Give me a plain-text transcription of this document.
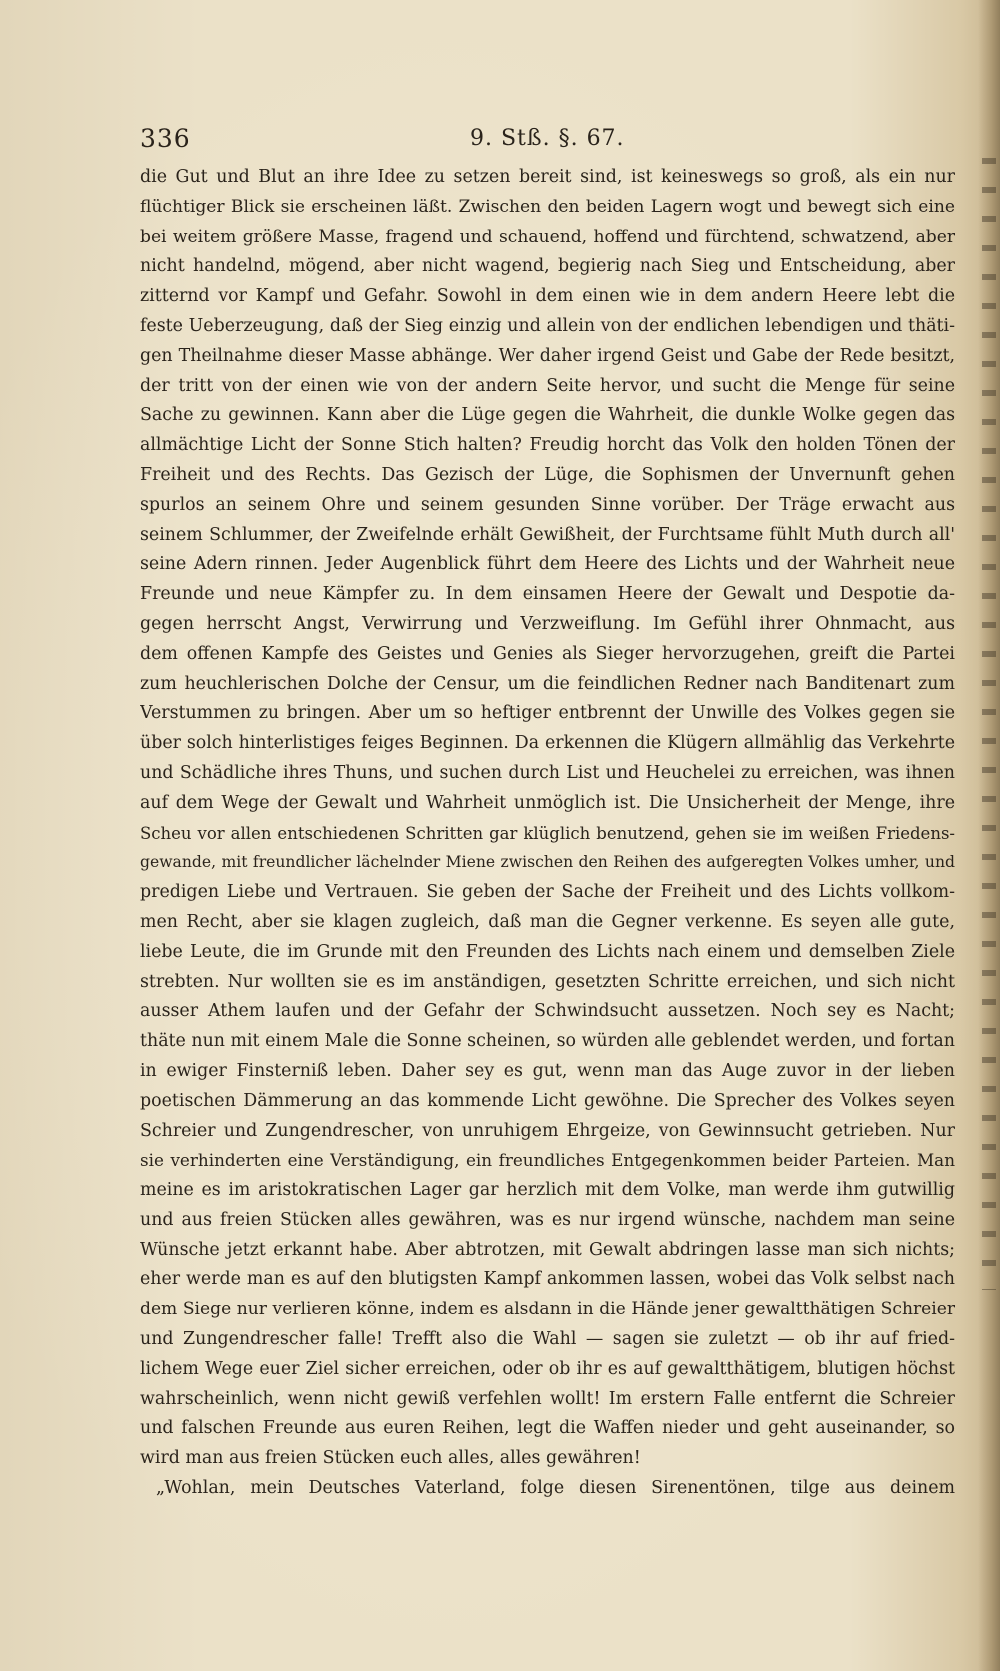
336	9. Stß. §. 67.
die Gut und Blut an ihre Idee zu setzen bereit sind, ist keineswegs so groß, als ein nur
flüchtiger Blick sie erscheinen läßt. Zwischen den beiden Lagern wogt und bewegt sich eine
bei weitem größere Masse, fragend und schauend, hoffend und fürchtend, schwatzend, aber
nicht handelnd, mögend, aber nicht wagend, begierig nach Sieg und Entscheidung, aber
zitternd vor Kampf und Gefahr. Sowohl in dem einen wie in dem andern Heere lebt die
feste Ueberzeugung, daß der Sieg einzig und allein von der endlichen lebendigen und thäti-
gen Theilnahme dieser Masse abhänge. Wer daher irgend Geist und Gabe der Rede besitzt,
der tritt von der einen wie von der andern Seite hervor, und sucht die Menge für seine
Sache zu gewinnen. Kann aber die Lüge gegen die Wahrheit, die dunkle Wolke gegen das
allmächtige Licht der Sonne Stich halten? Freudig horcht das Volk den holden Tönen der
Freiheit und des Rechts. Das Gezisch der Lüge, die Sophismen der Unvernunft gehen
spurlos an seinem Ohre und seinem gesunden Sinne vorüber. Der Träge erwacht aus
seinem Schlummer, der Zweifelnde erhält Gewißheit, der Furchtsame fühlt Muth durch all'
seine Adern rinnen. Jeder Augenblick führt dem Heere des Lichts und der Wahrheit neue
Freunde und neue Kämpfer zu. In dem einsamen Heere der Gewalt und Despotie da-
gegen herrscht Angst, Verwirrung und Verzweiflung. Im Gefühl ihrer Ohnmacht, aus
dem offenen Kampfe des Geistes und Genies als Sieger hervorzugehen, greift die Partei
zum heuchlerischen Dolche der Censur, um die feindlichen Redner nach Banditenart zum
Verstummen zu bringen. Aber um so heftiger entbrennt der Unwille des Volkes gegen sie
über solch hinterlistiges feiges Beginnen. Da erkennen die Klügern allmählig das Verkehrte
und Schädliche ihres Thuns, und suchen durch List und Heuchelei zu erreichen, was ihnen
auf dem Wege der Gewalt und Wahrheit unmöglich ist. Die Unsicherheit der Menge, ihre
Scheu vor allen entschiedenen Schritten gar klüglich benutzend, gehen sie im weißen Friedens-
gewande, mit freundlicher lächelnder Miene zwischen den Reihen des aufgeregten Volkes umher, und
predigen Liebe und Vertrauen. Sie geben der Sache der Freiheit und des Lichts vollkom-
men Recht, aber sie klagen zugleich, daß man die Gegner verkenne. Es seyen alle gute,
liebe Leute, die im Grunde mit den Freunden des Lichts nach einem und demselben Ziele
strebten. Nur wollten sie es im anständigen, gesetzten Schritte erreichen, und sich nicht
ausser Athem laufen und der Gefahr der Schwindsucht aussetzen. Noch sey es Nacht;
thäte nun mit einem Male die Sonne scheinen, so würden alle geblendet werden, und fortan
in ewiger Finsterniß leben. Daher sey es gut, wenn man das Auge zuvor in der lieben
poetischen Dämmerung an das kommende Licht gewöhne. Die Sprecher des Volkes seyen
Schreier und Zungendrescher, von unruhigem Ehrgeize, von Gewinnsucht getrieben. Nur
sie verhinderten eine Verständigung, ein freundliches Entgegenkommen beider Parteien. Man
meine es im aristokratischen Lager gar herzlich mit dem Volke, man werde ihm gutwillig
und aus freien Stücken alles gewähren, was es nur irgend wünsche, nachdem man seine
Wünsche jetzt erkannt habe. Aber abtrotzen, mit Gewalt abdringen lasse man sich nichts;
eher werde man es auf den blutigsten Kampf ankommen lassen, wobei das Volk selbst nach
dem Siege nur verlieren könne, indem es alsdann in die Hände jener gewaltthätigen Schreier
und Zungendrescher falle! Trefft also die Wahl — sagen sie zuletzt — ob ihr auf fried-
lichem Wege euer Ziel sicher erreichen, oder ob ihr es auf gewaltthätigem, blutigen höchst
wahrscheinlich, wenn nicht gewiß verfehlen wollt! Im erstern Falle entfernt die Schreier
und falschen Freunde aus euren Reihen, legt die Waffen nieder und geht auseinander, so
wird man aus freien Stücken euch alles, alles gewähren!
„Wohlan, mein Deutsches Vaterland, folge diesen Sirenentönen, tilge aus deinem
